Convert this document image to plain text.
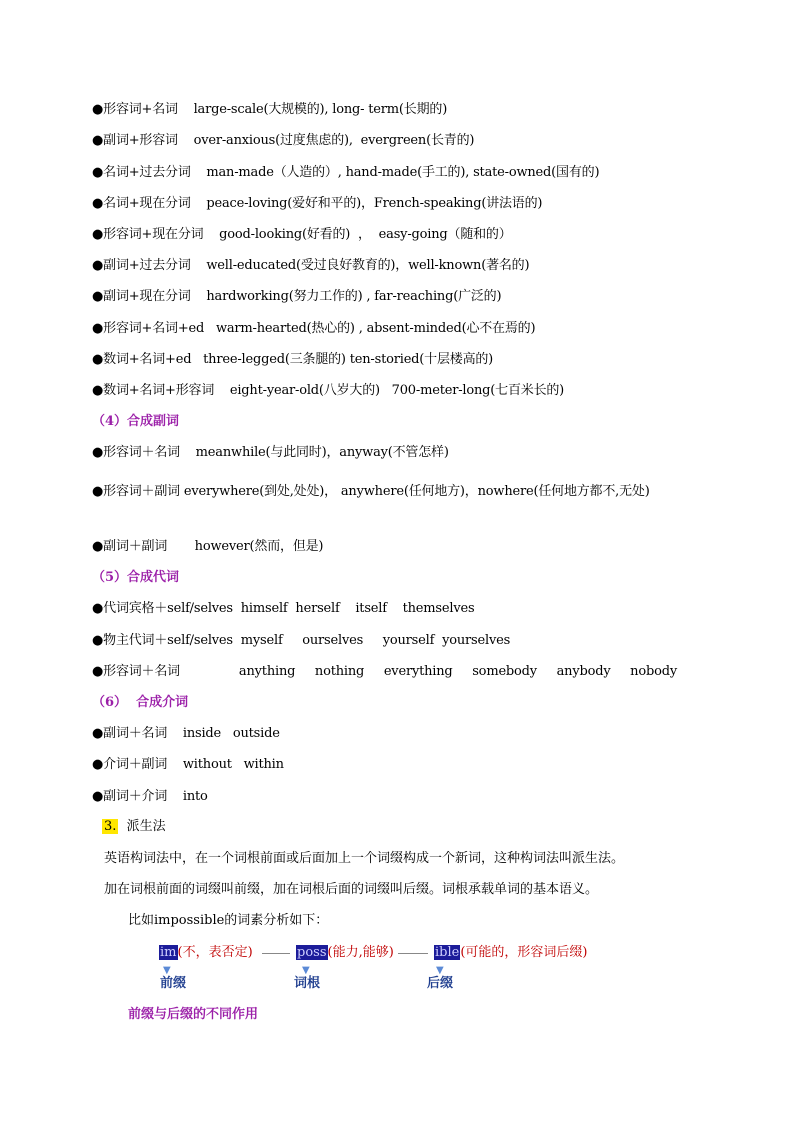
●形容词+名词    large-scale(大规模的), long- term(长期的)
●副词+形容词    over-anxious(过度焦虑的),  evergreen(长青的)
●名词+过去分词    man-made（人造的）, hand-made(手工的), state-owned(国有的)
●名词+现在分词    peace-loving(爱好和平的)，French-speaking(讲法语的)
●形容词+现在分词    good-looking(好看的)  ，  easy-going（随和的）
●副词+过去分词    well-educated(受过良好教育的)，well-known(著名的)
●副词+现在分词    hardworking(努力工作的) , far-reaching(广泛的)
●形容词+名词+ed   warm-hearted(热心的) , absent-minded(心不在焉的)
●数词+名词+ed   three-legged(三条腿的) ten-storied(十层楼高的)
●数词+名词+形容词    eight-year-old(八岁大的)   700-meter-long(七百米长的)
（4）合成副词
●形容词＋名词    meanwhile(与此同时)，anyway(不管怎样)
●形容词＋副词 everywhere(到处,处处)， anywhere(任何地方)，nowhere(任何地方都不,无处)
●副词＋副词       however(然而，但是)
（5）合成代词
●代词宾格＋self/selves  himself  herself    itself    themselves
●物主代词＋self/selves  myself     ourselves     yourself  yourselves
●形容词＋名词               anything     nothing     everything     somebody     anybody     nobody
（6）  合成介词
●副词＋名词    inside   outside
●介词＋副词    without   within
●副词＋介词    into
3.  派生法
英语构词法中，在一个词根前面或后面加上一个词缀构成一个新词，这种构词法叫派生法。
加在词根前面的词缀叫前缀，加在词根后面的词缀叫后缀。词根承载单词的基本语义。
比如impossible的词素分析如下：
im(不，表否定)	poss(能力,能够)	ible(可能的，形容词后缀)
▼	▼	▼
前缀	词根	后缀
前缀与后缀的不同作用
